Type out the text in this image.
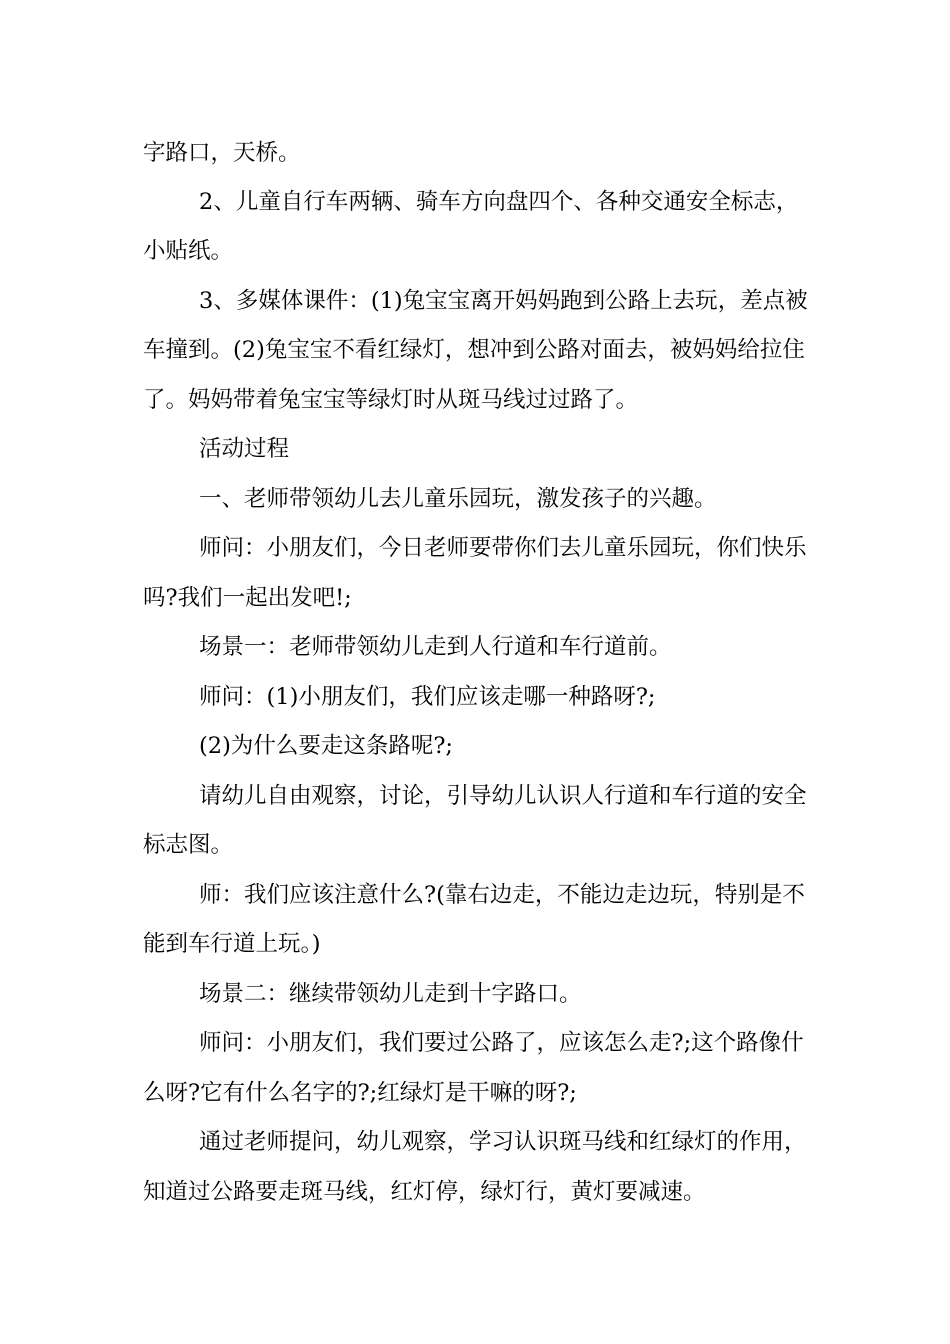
字路口，天桥。
2、儿童自行车两辆、骑车方向盘四个、各种交通安全标志，
小贴纸。
3、多媒体课件：(1)兔宝宝离开妈妈跑到公路上去玩，差点被
车撞到。(2)兔宝宝不看红绿灯，想冲到公路对面去，被妈妈给拉住
了。妈妈带着兔宝宝等绿灯时从斑马线过过路了。
活动过程
一、老师带领幼儿去儿童乐园玩，激发孩子的兴趣。
师问：小朋友们，今日老师要带你们去儿童乐园玩，你们快乐
吗?我们一起出发吧!;
场景一：老师带领幼儿走到人行道和车行道前。
师问：(1)小朋友们，我们应该走哪一种路呀?;
(2)为什么要走这条路呢?;
请幼儿自由观察，讨论，引导幼儿认识人行道和车行道的安全
标志图。
师：我们应该注意什么?(靠右边走，不能边走边玩，特别是不
能到车行道上玩。)
场景二：继续带领幼儿走到十字路口。
师问：小朋友们，我们要过公路了，应该怎么走?;这个路像什
么呀?它有什么名字的?;红绿灯是干嘛的呀?;
通过老师提问，幼儿观察，学习认识斑马线和红绿灯的作用，
知道过公路要走斑马线，红灯停，绿灯行，黄灯要减速。
